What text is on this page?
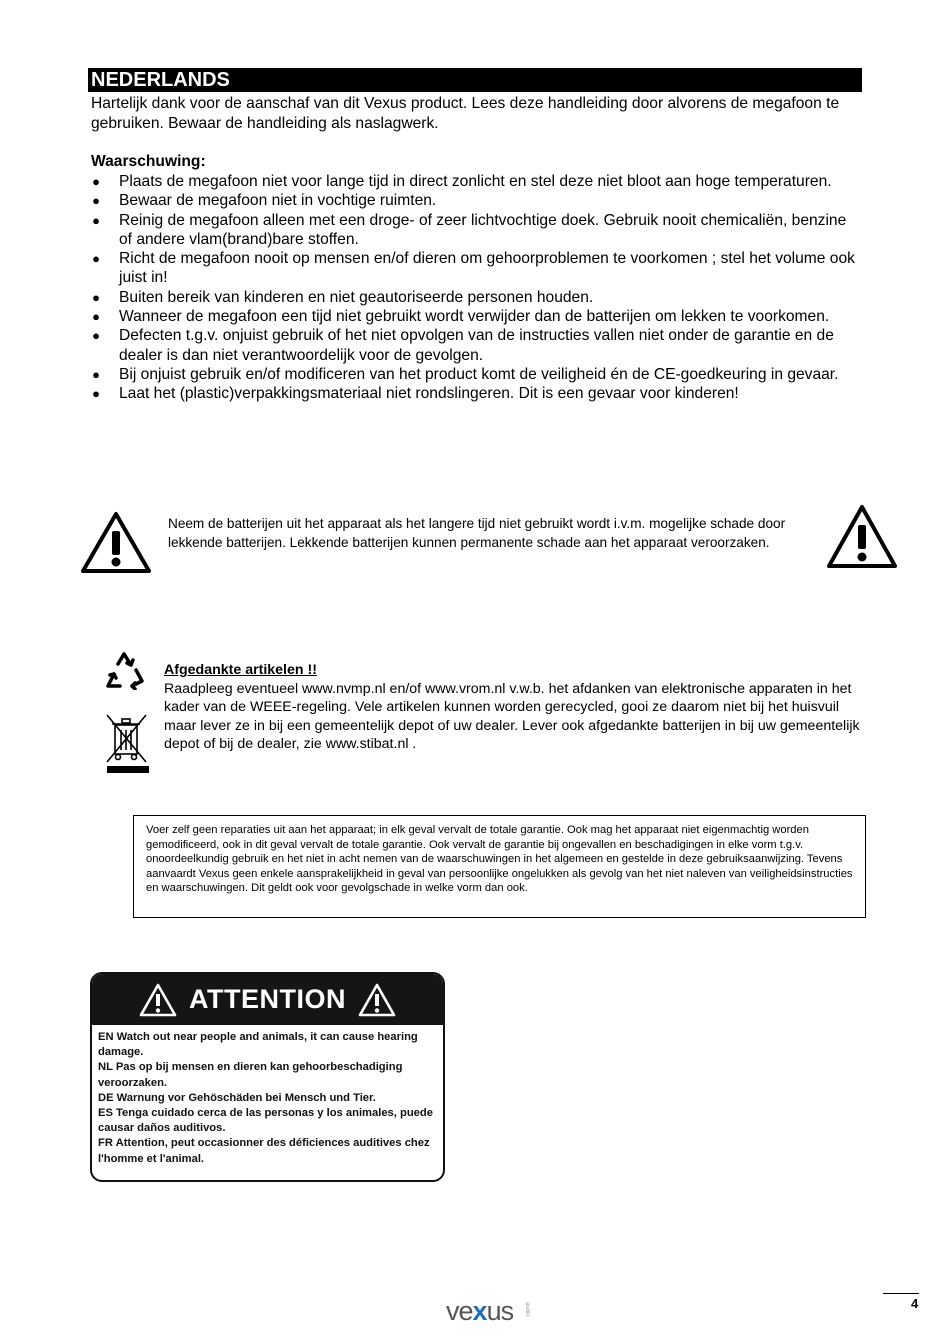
NEDERLANDS
Hartelijk dank voor de aanschaf van dit Vexus product. Lees deze handleiding door alvorens de megafoon te gebruiken. Bewaar de handleiding als naslagwerk.
Waarschuwing:
● Plaats de megafoon niet voor lange tijd in direct zonlicht en stel deze niet bloot aan hoge temperaturen.
● Bewaar de megafoon niet in vochtige ruimten.
● Reinig de megafoon alleen met een droge- of zeer lichtvochtige doek. Gebruik nooit chemicaliën, benzine of andere vlam(brand)bare stoffen.
● Richt de megafoon nooit op mensen en/of dieren om gehoorproblemen te voorkomen ; stel het volume ook juist in!
● Buiten bereik van kinderen en niet geautoriseerde personen houden.
● Wanneer de megafoon een tijd niet gebruikt wordt verwijder dan de batterijen om lekken te voorkomen.
● Defecten t.g.v. onjuist gebruik of het niet opvolgen van de instructies vallen niet onder de garantie en de dealer is dan niet verantwoordelijk voor de gevolgen.
● Bij onjuist gebruik en/of modificeren van het product komt de veiligheid én de CE-goedkeuring in gevaar.
● Laat het (plastic)verpakkingsmateriaal niet rondslingeren. Dit is een gevaar voor kinderen!
Neem de batterijen uit het apparaat als het langere tijd niet gebruikt wordt i.v.m. mogelijke schade door lekkende batterijen. Lekkende batterijen kunnen permanente schade aan het apparaat veroorzaken.
Afgedankte artikelen !!
Raadpleeg eventueel www.nvmp.nl en/of www.vrom.nl v.w.b. het afdanken van elektronische apparaten in het kader van de WEEE-regeling. Vele artikelen kunnen worden gerecycled, gooi ze daarom niet bij het huisvuil maar lever ze in bij een gemeentelijk depot of uw dealer. Lever ook afgedankte batterijen in bij uw gemeentelijk depot of bij de dealer, zie www.stibat.nl .
Voer zelf geen reparaties uit aan het apparaat; in elk geval vervalt de totale garantie. Ook mag het apparaat niet eigenmachtig worden gemodificeerd, ook in dit geval vervalt de totale garantie. Ook vervalt de garantie bij ongevallen en beschadigingen in elke vorm t.g.v. onoordeelkundig gebruik en het niet in acht nemen van de waarschuwingen in het algemeen en gestelde in deze gebruiksaanwijzing. Tevens aanvaardt Vexus geen enkele aansprakelijkheid in geval van persoonlijke ongelukken als gevolg van het niet naleven van veiligheidsinstructies en waarschuwingen. Dit geldt ook voor gevolgschade in welke vorm dan ook.
ATTENTION
EN Watch out near people and animals, it can cause hearing damage.
NL Pas op bij mensen en dieren kan gehoorbeschadiging veroorzaken.
DE Warnung vor Gehöschäden bei Mensch und Tier.
ES Tenga cuidado cerca de las personas y los animales, puede causar daños auditivos.
FR Attention, peut occasionner des déficiences auditives chez l'homme et l'animal.
vexus audio	4
